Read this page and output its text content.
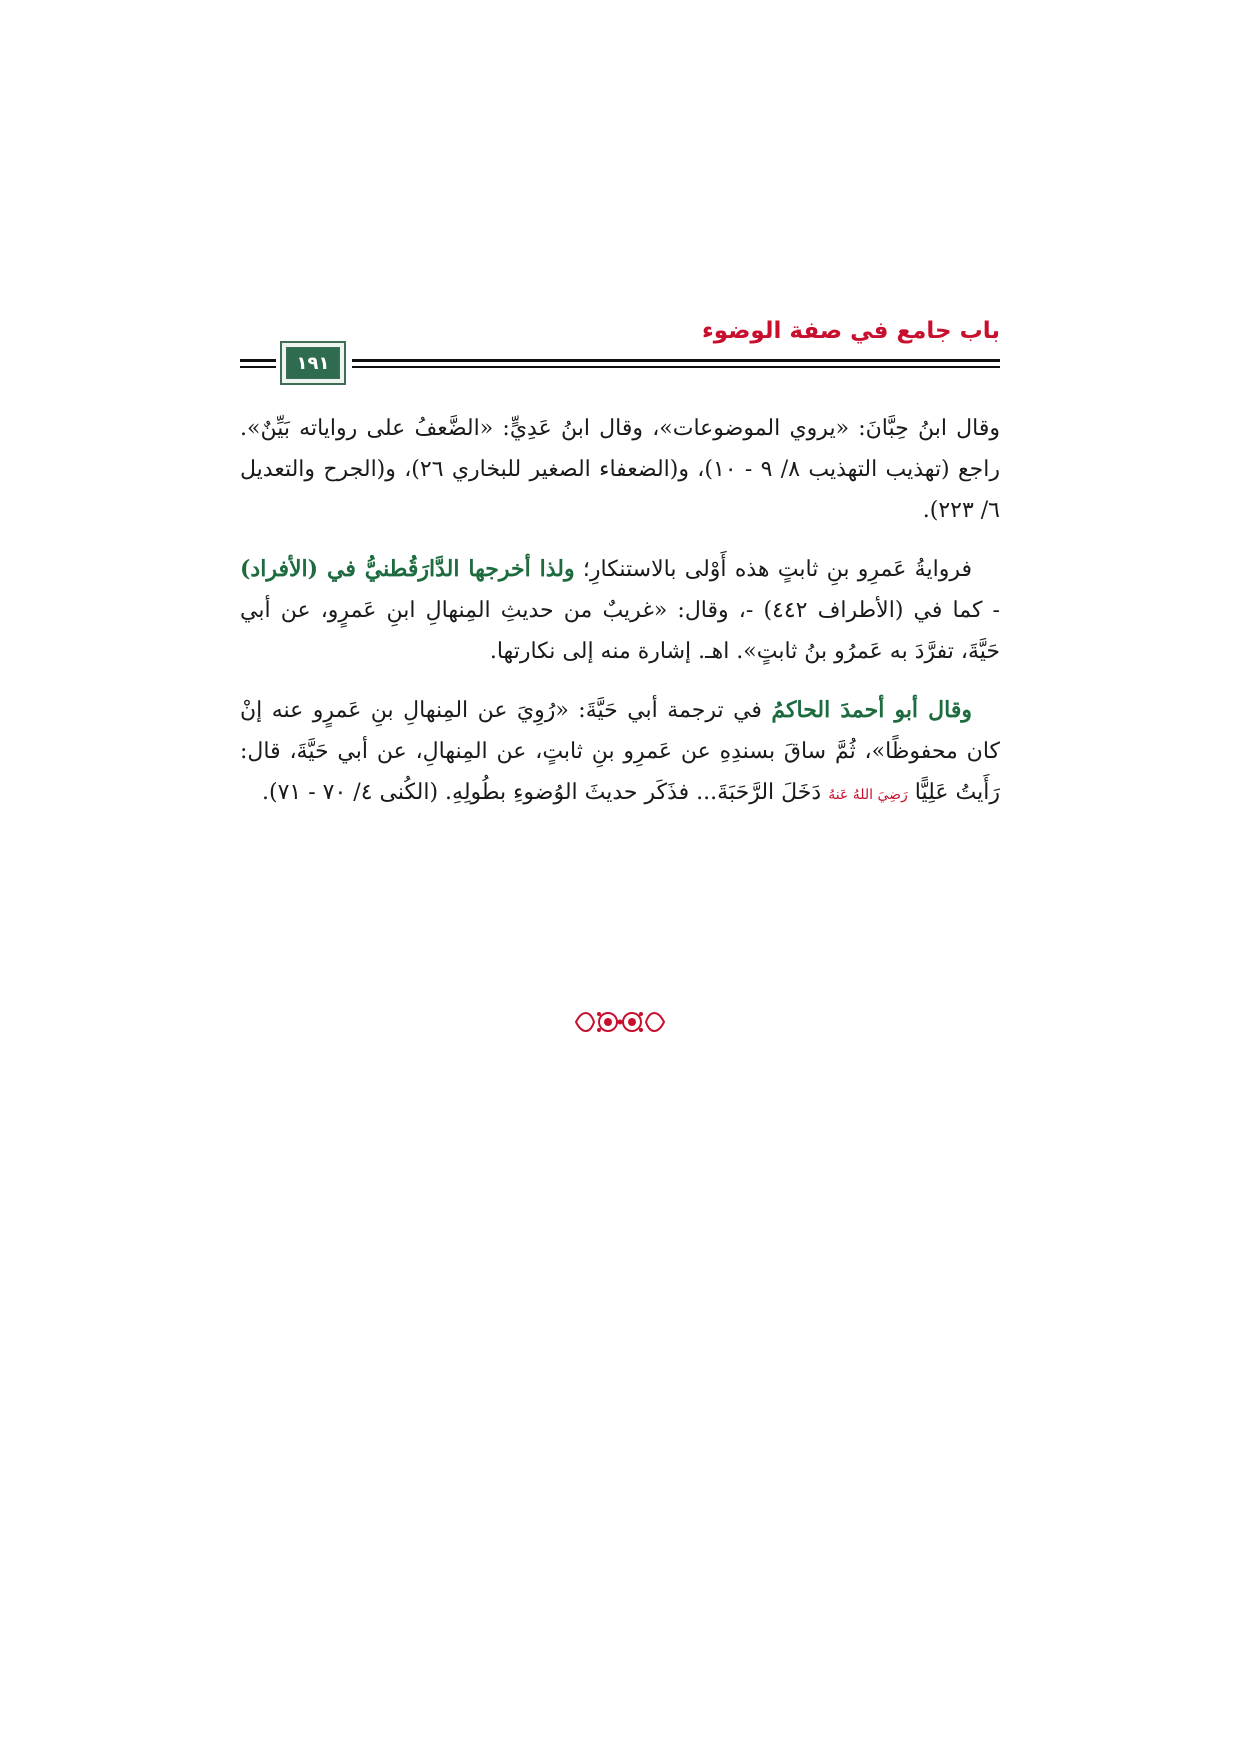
باب جامع في صفة الوضوء
١٩١

وقال ابنُ حِبَّانَ: «يروي الموضوعات»، وقال ابنُ عَدِيٍّ: «الضَّعفُ على رواياته بَيِّنٌ». راجع (تهذيب التهذيب ٨/ ٩ - ١٠)، و(الضعفاء الصغير للبخاري ٢٦)، و(الجرح والتعديل ٦/ ٢٢٣).

فروايةُ عَمرِو بنِ ثابتٍ هذه أَوْلى بالاستنكارِ؛ ولذا أخرجها الدَّارَقُطنيُّ في (الأفراد) - كما في (الأطراف ٤٤٢) -، وقال: «غريبٌ من حديثِ المِنهالِ ابنِ عَمرٍو، عن أبي حَيَّةَ، تفرَّدَ به عَمرُو بنُ ثابتٍ». اهـ. إشارة منه إلى نكارتها.

وقال أبو أحمدَ الحاكمُ في ترجمة أبي حَيَّةَ: «رُوِيَ عن المِنهالِ بنِ عَمرٍو عنه إنْ كان محفوظًا»، ثُمَّ ساقَ بسندِهِ عن عَمرِو بنِ ثابتٍ، عن المِنهالِ، عن أبي حَيَّةَ، قال: رَأَيتُ عَلِيًّا رَضِيَ اللهُ عَنهُ دَخَلَ الرَّحَبَةَ... فذَكَر حديثَ الوُضوءِ بطُولِهِ. (الكُنى ٤/ ٧٠ - ٧١).
